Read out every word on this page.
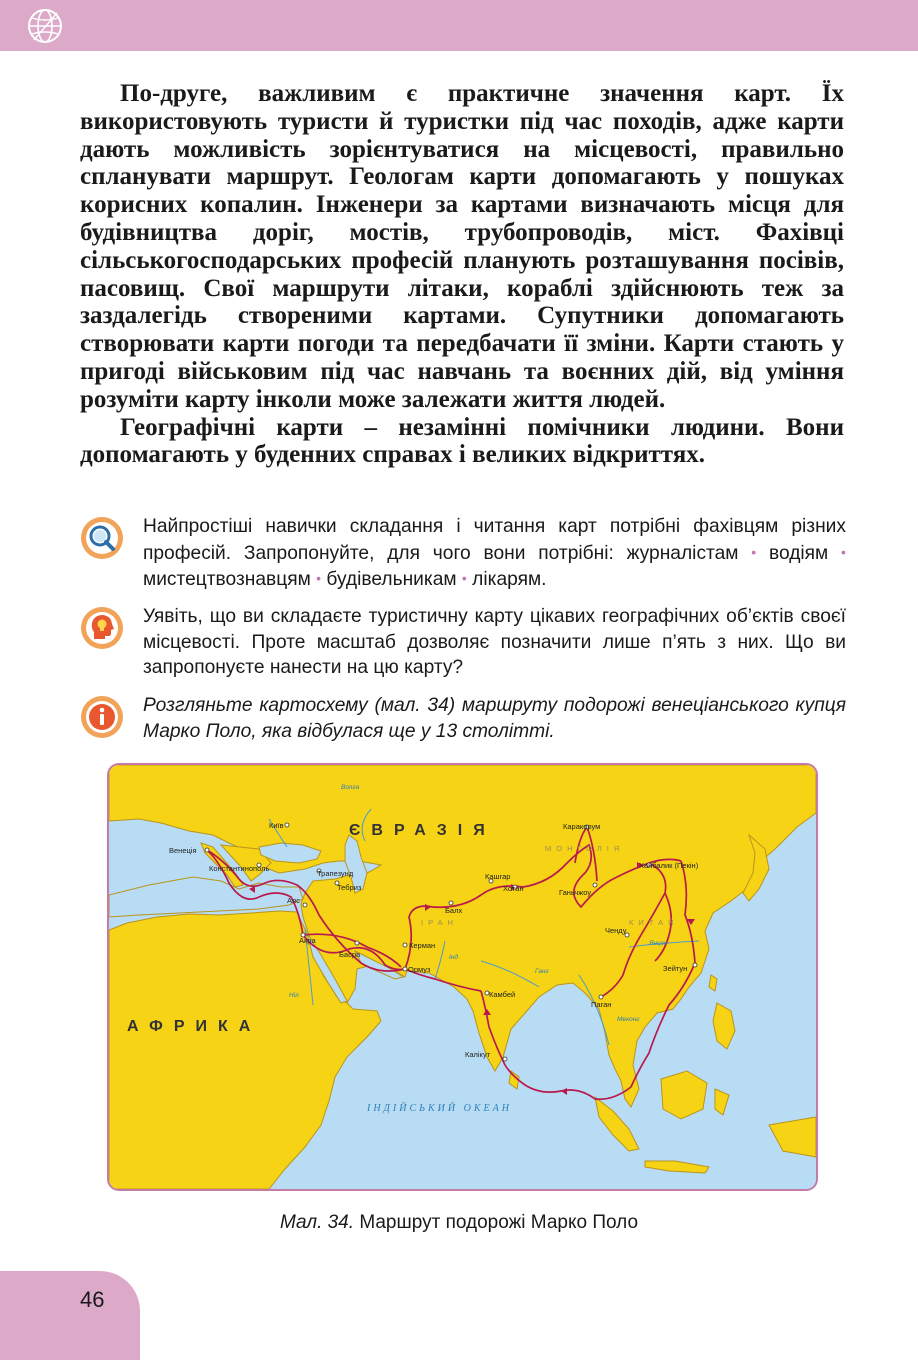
По-друге, важливим є практичне значення карт. Їх використовують туристи й туристки під час походів, адже карти дають можливість зорієнтуватися на місцевості, правильно спланувати маршрут. Геологам карти допомагають у пошуках корисних копалин. Інженери за картами визначають місця для будівництва доріг, мостів, трубопроводів, міст. Фахівці сільськогосподарських професій планують розташування посівів, пасовищ. Свої маршрути літаки, кораблі здійснюють теж за заздалегідь створеними картами. Супутники допомагають створювати карти погоди та передбачати її зміни. Карти стають у пригоді військовим під час навчань та воєнних дій, від уміння розуміти карту інколи може залежати життя людей.

Географічні карти – незамінні помічники людини. Вони допомагають у буденних справах і великих відкриттях.

Найпростіші навички складання і читання карт потрібні фахівцям різних професій. Запропонуйте, для чого вони потрібні: журналістам • водіям • мистецтвознавцям • будівельникам • лікарям.
Уявіть, що ви складаєте туристичну карту цікавих географічних об’єктів своєї місцевості. Проте масштаб дозволяє позначити лише п’ять з них. Що ви запропонуєте нанести на цю карту?
Розгляньте картосхему (мал. 34) маршруту подорожі венеціанського купця Марко Поло, яка відбулася ще у 13 столітті.
ЄВРАЗІЯ
АФРИКА
ІНДІЙСЬКИЙ ОКЕАН
МОНГОЛІЯ
ІРАН	КИТАЙ
Волга
Ніл
Інд
Ганг
Меконг
Янцзи
Київ
Венеція
Константинополь
Трапезунд
Тебриз
Аяс
Акра
Басра
Керман
Ормуз
Балх
Кашгар
Хотан
Каракорум
Ганьчжоу
Ханбалик (Пекін)
Ченду
Зейтун
Паган
Камбей
Калікут
Мал. 34. Маршрут подорожі Марко Поло
46
